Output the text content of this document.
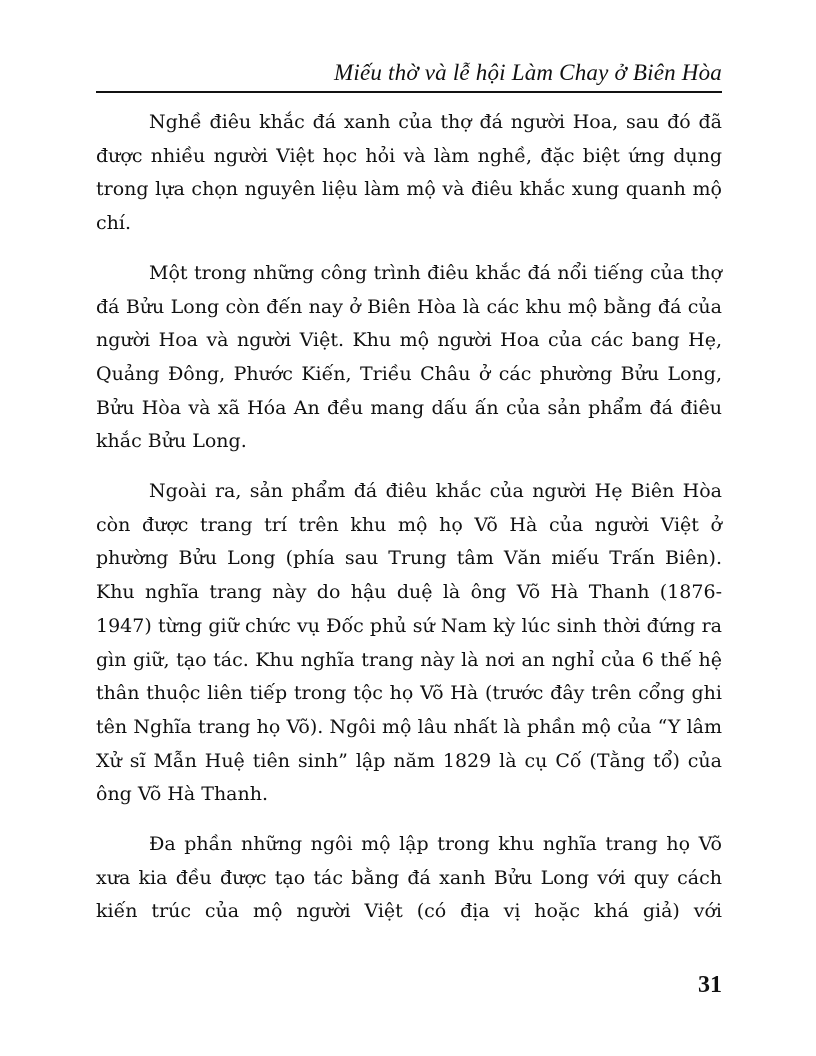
Miếu thờ và lễ hội Làm Chay ở Biên Hòa

Nghề điêu khắc đá xanh của thợ đá người Hoa, sau đó đã được nhiều người Việt học hỏi và làm nghề, đặc biệt ứng dụng trong lựa chọn nguyên liệu làm mộ và điêu khắc xung quanh mộ chí.

Một trong những công trình điêu khắc đá nổi tiếng của thợ đá Bửu Long còn đến nay ở Biên Hòa là các khu mộ bằng đá của người Hoa và người Việt. Khu mộ người Hoa của các bang Hẹ, Quảng Đông, Phước Kiến, Triều Châu ở các phường Bửu Long, Bửu Hòa và xã Hóa An đều mang dấu ấn của sản phẩm đá điêu khắc Bửu Long.

Ngoài ra, sản phẩm đá điêu khắc của người Hẹ Biên Hòa còn được trang trí trên khu mộ họ Võ Hà của người Việt ở phường Bửu Long (phía sau Trung tâm Văn miếu Trấn Biên). Khu nghĩa trang này do hậu duệ là ông Võ Hà Thanh (1876-1947) từng giữ chức vụ Đốc phủ sứ Nam kỳ lúc sinh thời đứng ra gìn giữ, tạo tác. Khu nghĩa trang này là nơi an nghỉ của 6 thế hệ thân thuộc liên tiếp trong tộc họ Võ Hà (trước đây trên cổng ghi tên Nghĩa trang họ Võ). Ngôi mộ lâu nhất là phần mộ của “Y lâm Xử sĩ Mẫn Huệ tiên sinh” lập năm 1829 là cụ Cố (Tằng tổ) của ông Võ Hà Thanh.

Đa phần những ngôi mộ lập trong khu nghĩa trang họ Võ xưa kia đều được tạo tác bằng đá xanh Bửu Long với quy cách kiến trúc của mộ người Việt (có địa vị hoặc khá giả) với

31
